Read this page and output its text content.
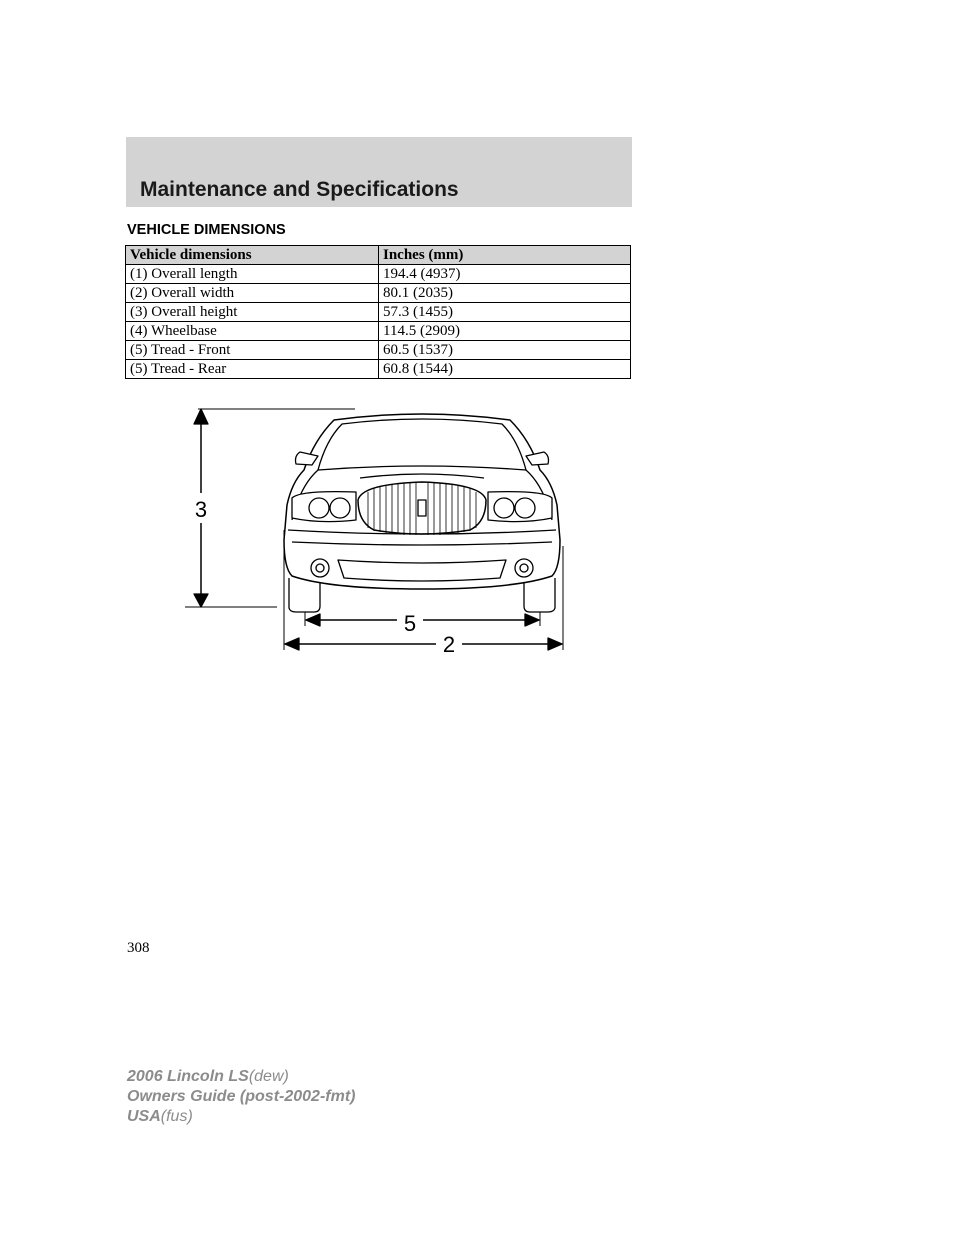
Maintenance and Specifications
VEHICLE DIMENSIONS
Vehicle dimensions	Inches (mm)
(1) Overall length	194.4 (4937)
(2) Overall width	80.1 (2035)
(3) Overall height	57.3 (1455)
(4) Wheelbase	114.5 (2909)
(5) Tread - Front	60.5 (1537)
(5) Tread - Rear	60.8 (1544)
3
5
2
308
2006 Lincoln LS(dew)
Owners Guide (post-2002-fmt)
USA(fus)
